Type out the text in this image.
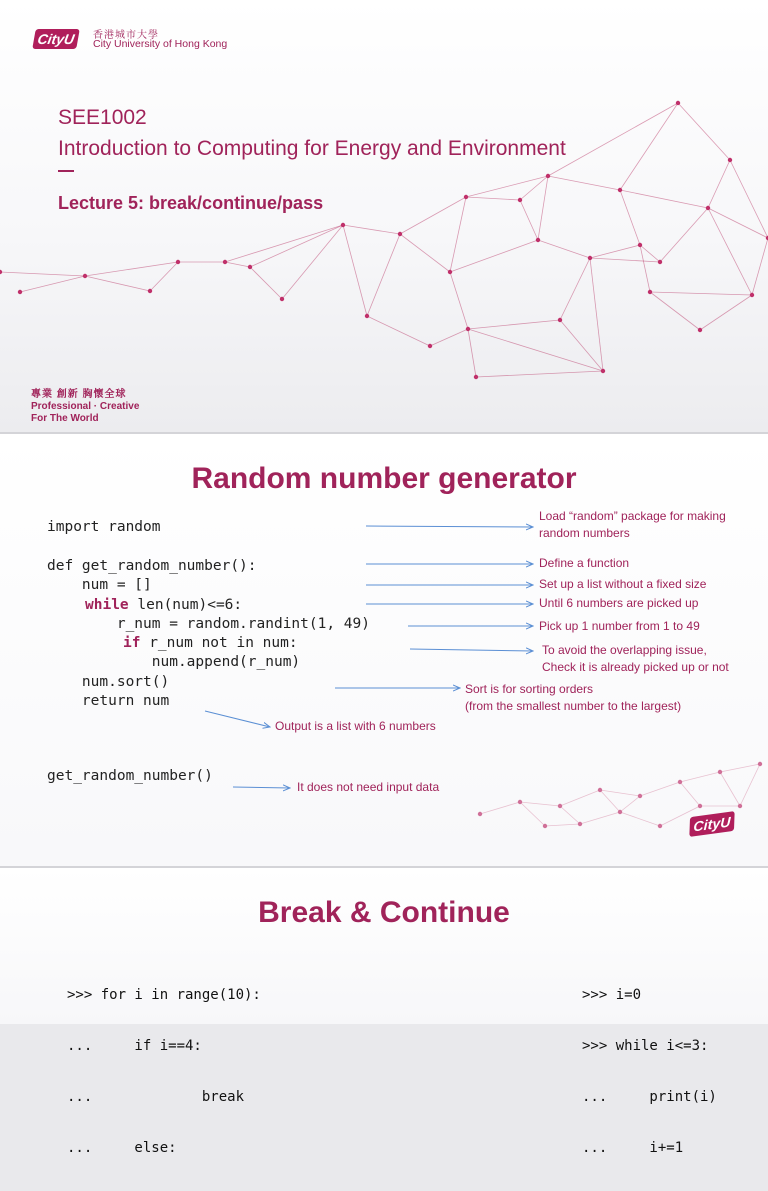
CityU	香港城市大學
City University of Hong Kong
SEE1002
Introduction to Computing for Energy and Environment
Lecture 5: break/continue/pass
專業 創新 胸懷全球
Professional · Creative
For The World
Random number generator
import random
def get_random_number():
num = []
while len(num)<=6:
r_num = random.randint(1, 49)
if r_num not in num:
num.append(r_num)
num.sort()
return num
get_random_number()
Load “random” package for making
random numbers
Define a function
Set up a list without a fixed size
Until 6 numbers are picked up
Pick up 1 number from 1 to 49
To avoid the overlapping issue,
Check it is already picked up or not
Sort is for sorting orders
(from the smallest number to the largest)
Output is a list with 6 numbers
It does not need input data
CityU
Break & Continue

>>> for i in range(10):

...     if i==4:

...             break

...     else:

>>> i=0

>>> while i<=3:

...     print(i)

...     i+=1
